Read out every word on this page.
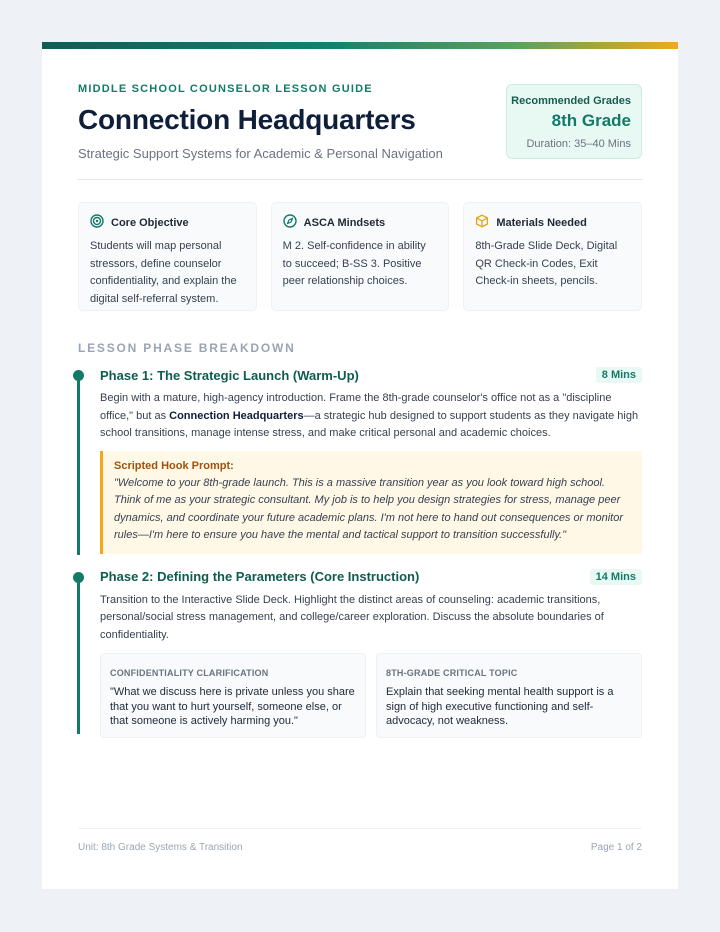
MIDDLE SCHOOL COUNSELOR LESSON GUIDE
Connection Headquarters
Strategic Support Systems for Academic & Personal Navigation
Recommended Grades
8th Grade
Duration: 35–40 Mins
Core Objective
Students will map personal stressors, define counselor confidentiality, and explain the digital self-referral system.
ASCA Mindsets
M 2. Self-confidence in ability to succeed; B-SS 3. Positive peer relationship choices.
Materials Needed
8th-Grade Slide Deck, Digital QR Check-in Codes, Exit Check-in sheets, pencils.
LESSON PHASE BREAKDOWN
Phase 1: The Strategic Launch (Warm-Up)	8 Mins
Begin with a mature, high-agency introduction. Frame the 8th-grade counselor's office not as a "discipline office," but as Connection Headquarters—a strategic hub designed to support students as they navigate high school transitions, manage intense stress, and make critical personal and academic choices.
Scripted Hook Prompt:
"Welcome to your 8th-grade launch. This is a massive transition year as you look toward high school. Think of me as your strategic consultant. My job is to help you design strategies for stress, manage peer dynamics, and coordinate your future academic plans. I'm not here to hand out consequences or monitor rules—I'm here to ensure you have the mental and tactical support to transition successfully."
Phase 2: Defining the Parameters (Core Instruction)	14 Mins
Transition to the Interactive Slide Deck. Highlight the distinct areas of counseling: academic transitions, personal/social stress management, and college/career exploration. Discuss the absolute boundaries of confidentiality.
CONFIDENTIALITY CLARIFICATION
"What we discuss here is private unless you share that you want to hurt yourself, someone else, or that someone is actively harming you."
8TH-GRADE CRITICAL TOPIC
Explain that seeking mental health support is a sign of high executive functioning and self-advocacy, not weakness.
Unit: 8th Grade Systems & Transition	Page 1 of 2
